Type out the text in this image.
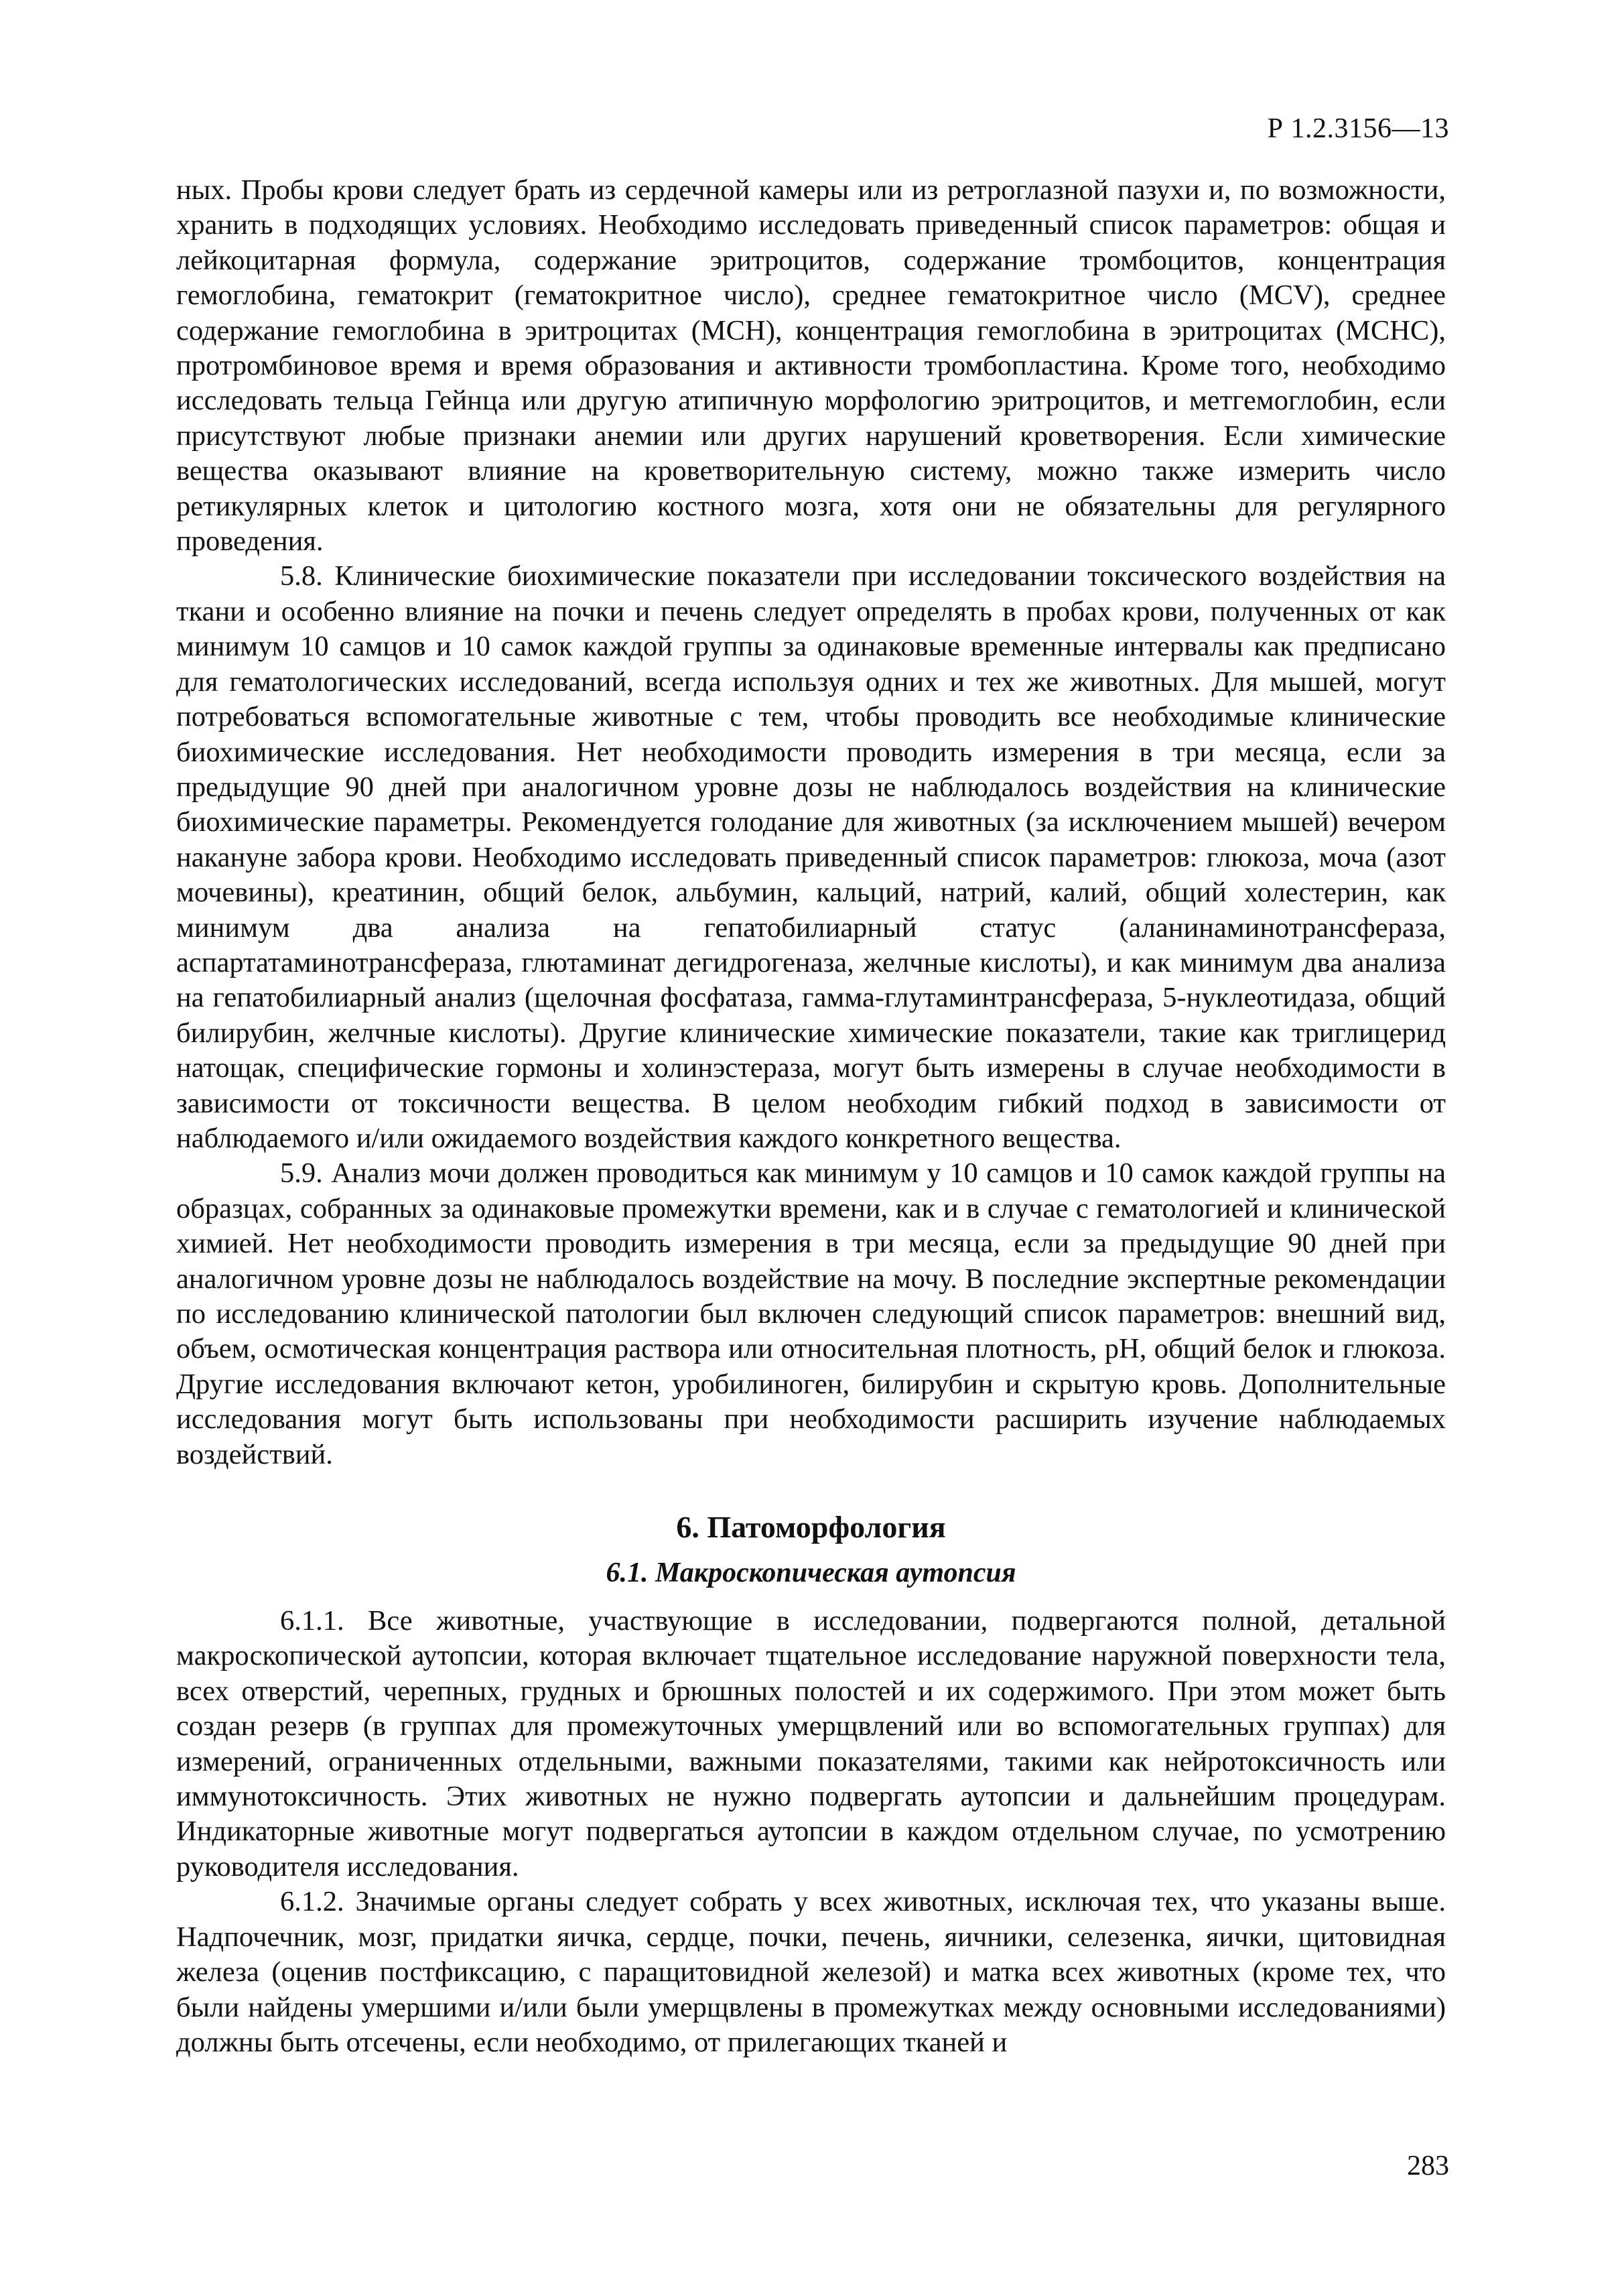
Р 1.2.3156—13

ных. Пробы крови следует брать из сердечной камеры или из ретроглазной пазухи и, по возможности, хранить в подходящих условиях. Необходимо исследовать приведенный список параметров: общая и лейкоцитарная формула, содержание эритроцитов, содержание тромбоцитов, концентрация гемоглобина, гематокрит (гематокритное число), среднее гематокритное число (MCV), среднее содержание гемоглобина в эритроцитах (MCH), концентрация гемоглобина в эритроцитах (MCHC), протромбиновое время и время образования и активности тромбопластина. Кроме того, необходимо исследовать тельца Гейнца или другую атипичную морфологию эритроцитов, и метгемоглобин, если присутствуют любые признаки анемии или других нарушений кроветворения. Если химические вещества оказывают влияние на кроветворительную систему, можно также измерить число ретикулярных клеток и цитологию костного мозга, хотя они не обязательны для регулярного проведения.

5.8. Клинические биохимические показатели при исследовании токсического воздействия на ткани и особенно влияние на почки и печень следует определять в пробах крови, полученных от как минимум 10 самцов и 10 самок каждой группы за одинаковые временные интервалы как предписано для гематологических исследований, всегда используя одних и тех же животных. Для мышей, могут потребоваться вспомогательные животные с тем, чтобы проводить все необходимые клинические биохимические исследования. Нет необходимости проводить измерения в три месяца, если за предыдущие 90 дней при аналогичном уровне дозы не наблюдалось воздействия на клинические биохимические параметры. Рекомендуется голодание для животных (за исключением мышей) вечером накануне забора крови. Необходимо исследовать приведенный список параметров: глюкоза, моча (азот мочевины), креатинин, общий белок, альбумин, кальций, натрий, калий, общий холестерин, как минимум два анализа на гепатобилиарный статус (аланинаминотрансфераза, аспартатаминотрансфераза, глютаминат дегидрогеназа, желчные кислоты), и как минимум два анализа на гепатобилиарный анализ (щелочная фосфатаза, гамма-глутаминтрансфераза, 5-нуклеотидаза, общий билирубин, желчные кислоты). Другие клинические химические показатели, такие как триглицерид натощак, специфические гормоны и холинэстераза, могут быть измерены в случае необходимости в зависимости от токсичности вещества. В целом необходим гибкий подход в зависимости от наблюдаемого и/или ожидаемого воздействия каждого конкретного вещества.

5.9. Анализ мочи должен проводиться как минимум у 10 самцов и 10 самок каждой группы на образцах, собранных за одинаковые промежутки времени, как и в случае с гематологией и клинической химией. Нет необходимости проводить измерения в три месяца, если за предыдущие 90 дней при аналогичном уровне дозы не наблюдалось воздействие на мочу. В последние экспертные рекомендации по исследованию клинической патологии был включен следующий список параметров: внешний вид, объем, осмотическая концентрация раствора или относительная плотность, pH, общий белок и глюкоза. Другие исследования включают кетон, уробилиноген, билирубин и скрытую кровь. Дополнительные исследования могут быть использованы при необходимости расширить изучение наблюдаемых воздействий.

6. Патоморфология
6.1. Макроскопическая аутопсия

6.1.1. Все животные, участвующие в исследовании, подвергаются полной, детальной макроскопической аутопсии, которая включает тщательное исследование наружной поверхности тела, всех отверстий, черепных, грудных и брюшных полостей и их содержимого. При этом может быть создан резерв (в группах для промежуточных умерщвлений или во вспомогательных группах) для измерений, ограниченных отдельными, важными показателями, такими как нейротоксичность или иммунотоксичность. Этих животных не нужно подвергать аутопсии и дальнейшим процедурам. Индикаторные животные могут подвергаться аутопсии в каждом отдельном случае, по усмотрению руководителя исследования.

6.1.2. Значимые органы следует собрать у всех животных, исключая тех, что указаны выше. Надпочечник, мозг, придатки яичка, сердце, почки, печень, яичники, селезенка, яички, щитовидная железа (оценив постфиксацию, с паращитовидной железой) и матка всех животных (кроме тех, что были найдены умершими и/или были умерщвлены в промежутках между основными исследованиями) должны быть отсечены, если необходимо, от прилегающих тканей и

283
